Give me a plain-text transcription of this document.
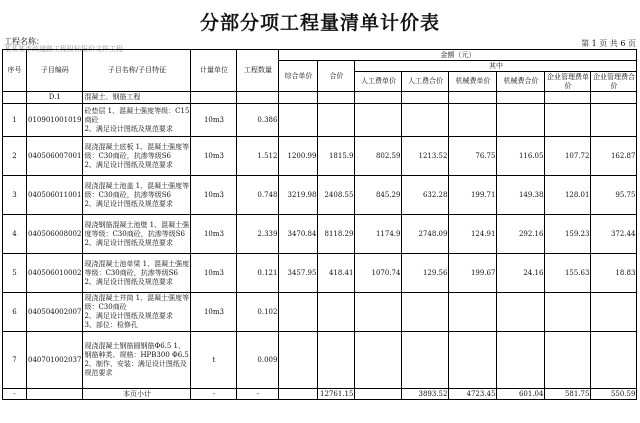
分部分项工程量清单计价表
工程名称：
某某某市政道路工程投标报价文件工程
第 1 页 共 6 页
序号	子目编码	子目名称/子目特征	计量单位	工程数量	金额（元）							
					综合单价	合价	其中					
							人工费单价	人工费合价	机械费单价	机械费合价	企业管理费单价	企业管理费合价
	D.1	混凝土、钢筋工程										
1	010901001019	砼垫层 1、混凝土强度等级：C15商砼
2、满足设计图纸及规范要求	10m3	0.386								
2	040506007001	现浇混凝土底板 1、混凝土强度等级：C30商砼，抗渗等级S6
2、满足设计图纸及规范要求	10m3	1.512	1200.99	1815.9	802.59	1213.52	76.75	116.05	107.72	162.87
3	040506011001	现浇混凝土池盖 1、混凝土强度等级：C30商砼，抗渗等级S6
2、满足设计图纸及规范要求	10m3	0.748	3219.98	2408.55	845.29	632.28	199.71	149.38	128.01	95.75
4	040506008002	现浇钢筋混凝土池壁 1、混凝土强度等级：C30商砼，抗渗等级S6
2、满足设计图纸及规范要求	10m3	2.339	3470.84	8118.29	1174.9	2748.09	124.91	292.16	159.23	372.44
5	040506010002	现浇混凝土池单梁 1、混凝土强度等级：C30商砼，抗渗等级S6
2、满足设计图纸及规范要求	10m3	0.121	3457.95	418.41	1070.74	129.56	199.67	24.16	155.63	18.83
6	040504002007	现浇混凝土井筒 1、混凝土强度等级：C30商砼
2、满足设计图纸及规范要求
3、部位：检修孔	10m3	0.102								
7	040701002037	现浇混凝土钢筋圆钢筋Φ6.5 1、钢筋种类、规格：HPB300 Φ6.5
2、制作、安装：满足设计图纸及规范要求	t	0.009								
-		本页小计	-	-		12761.15		3893.52	4723.45	601.04	581.75	550.59
